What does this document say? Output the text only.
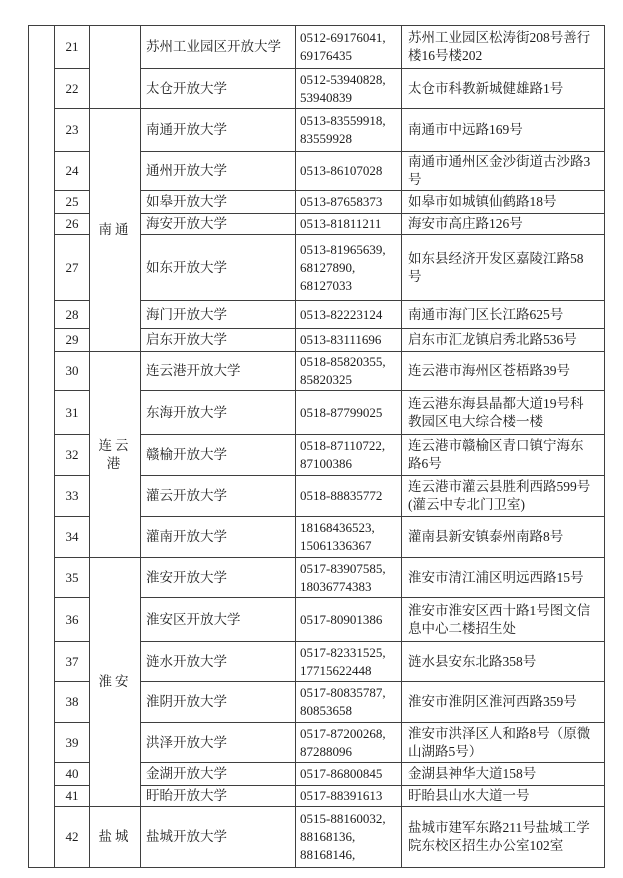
	21		苏州工业园区开放大学	0512-69176041,
69176435	苏州工业园区松涛街208号善行楼16号楼202
	22		太仓开放大学	0512-53940828,
53940839	太仓市科教新城健雄路1号
	23	南通	南通开放大学	0513-83559918,
83559928	南通市中远路169号
	24		通州开放大学	0513-86107028	南通市通州区金沙街道古沙路3号
	25		如皋开放大学	0513-87658373	如皋市如城镇仙鹤路18号
	26		海安开放大学	0513-81811211	海安市高庄路126号
	27		如东开放大学	0513-81965639,
68127890,
68127033	如东县经济开发区嘉陵江路58号
	28		海门开放大学	0513-82223124	南通市海门区长江路625号
	29		启东开放大学	0513-83111696	启东市汇龙镇启秀北路536号
	30	连云港	连云港开放大学	0518-85820355,
85820325	连云港市海州区苍梧路39号
	31		东海开放大学	0518-87799025	连云港东海县晶都大道19号科教园区电大综合楼一楼
	32		赣榆开放大学	0518-87110722,
87100386	连云港市赣榆区青口镇宁海东路6号
	33		灌云开放大学	0518-88835772	连云港市灌云县胜利西路599号(灌云中专北门卫室)
	34		灌南开放大学	18168436523,
15061336367	灌南县新安镇泰州南路8号
	35	淮安	淮安开放大学	0517-83907585,
18036774383	淮安市清江浦区明远西路15号
	36		淮安区开放大学	0517-80901386	淮安市淮安区西十路1号图文信息中心二楼招生处
	37		涟水开放大学	0517-82331525,
17715622448	涟水县安东北路358号
	38		淮阴开放大学	0517-80835787,
80853658	淮安市淮阴区淮河西路359号
	39		洪泽开放大学	0517-87200268,
87288096	淮安市洪泽区人和路8号（原微山湖路5号）
	40		金湖开放大学	0517-86800845	金湖县神华大道158号
	41		盱眙开放大学	0517-88391613	盱眙县山水大道一号
	42	盐城	盐城开放大学	0515-88160032,
88168136,
88168146,	盐城市建军东路211号盐城工学院东校区招生办公室102室
